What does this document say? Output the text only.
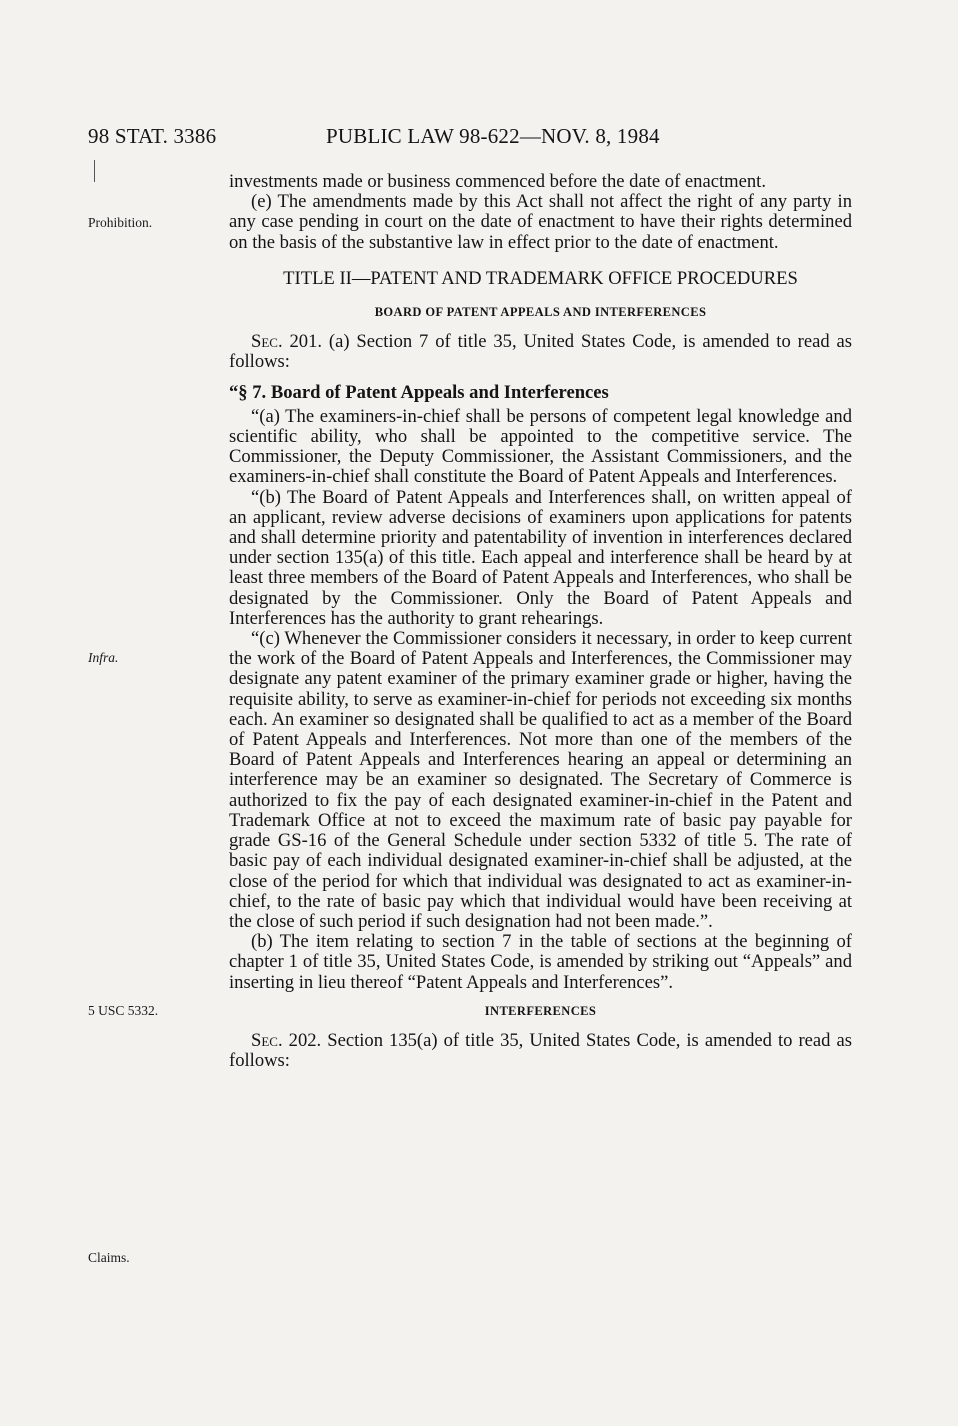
98 STAT. 3386	PUBLIC LAW 98-622—NOV. 8, 1984
Prohibition.
Infra.
5 USC 5332.
Claims.

investments made or business commenced before the date of enactment.

(e) The amendments made by this Act shall not affect the right of any party in any case pending in court on the date of enactment to have their rights determined on the basis of the substantive law in effect prior to the date of enactment.

TITLE II—PATENT AND TRADEMARK OFFICE PROCEDURES

BOARD OF PATENT APPEALS AND INTERFERENCES

Sec. 201. (a) Section 7 of title 35, United States Code, is amended to read as follows:

“§ 7. Board of Patent Appeals and Interferences

“(a) The examiners-in-chief shall be persons of competent legal knowledge and scientific ability, who shall be appointed to the competitive service. The Commissioner, the Deputy Commissioner, the Assistant Commissioners, and the examiners-in-chief shall constitute the Board of Patent Appeals and Interferences.

“(b) The Board of Patent Appeals and Interferences shall, on written appeal of an applicant, review adverse decisions of examiners upon applications for patents and shall determine priority and patentability of invention in interferences declared under section 135(a) of this title. Each appeal and interference shall be heard by at least three members of the Board of Patent Appeals and Interferences, who shall be designated by the Commissioner. Only the Board of Patent Appeals and Interferences has the authority to grant rehearings.

“(c) Whenever the Commissioner considers it necessary, in order to keep current the work of the Board of Patent Appeals and Interferences, the Commissioner may designate any patent examiner of the primary examiner grade or higher, having the requisite ability, to serve as examiner-in-chief for periods not exceeding six months each. An examiner so designated shall be qualified to act as a member of the Board of Patent Appeals and Interferences. Not more than one of the members of the Board of Patent Appeals and Interferences hearing an appeal or determining an interference may be an examiner so designated. The Secretary of Commerce is authorized to fix the pay of each designated examiner-in-chief in the Patent and Trademark Office at not to exceed the maximum rate of basic pay payable for grade GS-16 of the General Schedule under section 5332 of title 5. The rate of basic pay of each individual designated examiner-in-chief shall be adjusted, at the close of the period for which that individual was designated to act as examiner-in-chief, to the rate of basic pay which that individual would have been receiving at the close of such period if such designation had not been made.”.

(b) The item relating to section 7 in the table of sections at the beginning of chapter 1 of title 35, United States Code, is amended by striking out “Appeals” and inserting in lieu thereof “Patent Appeals and Interferences”.

INTERFERENCES

Sec. 202. Section 135(a) of title 35, United States Code, is amended to read as follows:
